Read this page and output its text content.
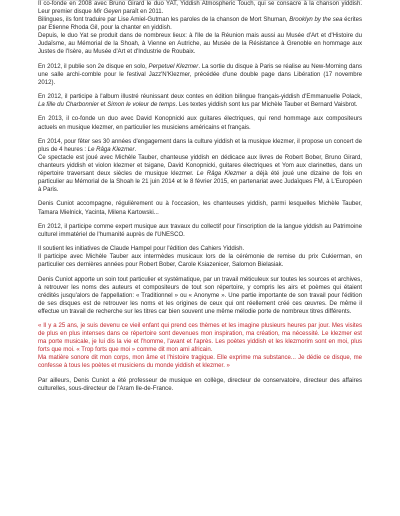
Il co-fonde en 2008 avec Bruno Girard le duo YAT, Yiddish Atmospheric Touch, qui se consacre à la chanson yiddish. Leur premier disque Mir Geyen paraît en 2011.
Bilingues, ils font traduire par Lise Amiel-Gutman les paroles de la chanson de Mort Shuman, Brooklyn by the sea écrites par Etienne Rhoda Gil, pour la chanter en yiddish.
Depuis, le duo Yat se produit dans de nombreux lieux: à l'Ile de la Réunion mais aussi au Musée d'Art et d'Histoire du Judaïsme, au Mémorial de la Shoah, à Vienne en Autriche, au Musée de la Résistance à Grenoble en hommage aux Justes de l'Isère, au Musée d'Art et d'Industrie de Roubaix.
En 2012, il publie son 2e disque en solo, Perpetuel Klezmer. La sortie du disque à Paris se réalise au New-Morning dans une salle archi-comble pour le festival Jazz'N'Klezmer, précédée d'une double page dans Libération (17 novembre 2012).
En 2012, il participe à l'album illustré réunissant deux contes en édition bilingue français-yiddish d'Emmanuelle Polack, La fille du Charbonnier et Simon le voleur de temps. Les textes yiddish sont lus par Michèle Tauber et Bernard Vaisbrot.
En 2013, il co-fonde un duo avec David Konopnicki aux guitares électriques, qui rend hommage aux compositeurs actuels en musique klezmer, en particulier les musiciens américains et français.
En 2014, pour fêter ses 30 années d'engagement dans la culture yiddish et la musique klezmer, il propose un concert de plus de 4 heures : Le Râga Klezmer.
Ce spectacle est joué avec Michèle Tauber, chanteuse yiddish en dédicace aux livres de Robert Bober, Bruno Girard, chanteurs yiddish et violon klezmer et tsigane, David Konopnicki, guitares électriques et Yom aux clarinettes, dans un répertoire traversant deux siècles de musique klezmer. Le Râga Klezmer a déjà été joué une dizaine de fois en particulier au Mémorial de la Shoah le 21 juin 2014 et le 8 février 2015, en partenariat avec Judaïques FM, à L'Européen à Paris.
Denis Cuniot accompagne, régulièrement ou à l'occasion, les chanteuses yiddish, parmi lesquelles Michèle Tauber, Tamara Mielnick, Yacinta, Milena Kartowski...
En 2012, il participe comme expert musique aux travaux du collectif pour l'inscription de la langue yiddish au Patrimoine culturel immatériel de l'humanité auprès de l'UNESCO.
Il soutient les initiatives de Claude Hampel pour l'édition des Cahiers Yiddish.
Il participe avec Michèle Tauber aux intermèdes musicaux lors de la cérémonie de remise du prix Cukierman, en particulier ces dernières années pour Robert Bober, Carole Ksiazenicer, Salomon Bielasiak.
Denis Cuniot apporte un soin tout particulier et systématique, par un travail méticuleux sur toutes les sources et archives, à retrouver les noms des auteurs et compositeurs de tout son répertoire, y compris les airs et poèmes qui étaient crédités jusqu'alors de l'appellation: « Traditionnel » ou « Anonyme ». Une partie importante de son travail pour l'édition de ses disques est de retrouver les noms et les origines de ceux qui ont réellement créé ces œuvres. De même il effectue un travail de recherche sur les titres car bien souvent une même mélodie porte de nombreux titres différents.
« Il y a 25 ans, je suis devenu ce vieil enfant qui prend ces thèmes et les imagine plusieurs heures par jour. Mes visites de plus en plus intenses dans ce répertoire sont devenues mon inspiration, ma création, ma nécessité. Le klezmer est ma porte musicale, je lui dis la vie et l'homme, l'avant et l'après. Les poètes yiddish et les klezmorim sont en moi, plus forts que moi. « Trop forts que moi » comme dit mon ami africain.
Ma matière sonore dit mon corps, mon âme et l'histoire tragique. Elle exprime ma substance... Je dédie ce disque, me confesse à tous les poètes et musiciens du monde yiddish et klezmer. »
Par ailleurs, Denis Cuniot a été professeur de musique en collège, directeur de conservatoire, directeur des affaires culturelles, sous-directeur de l'Aram Ile-de-France.
